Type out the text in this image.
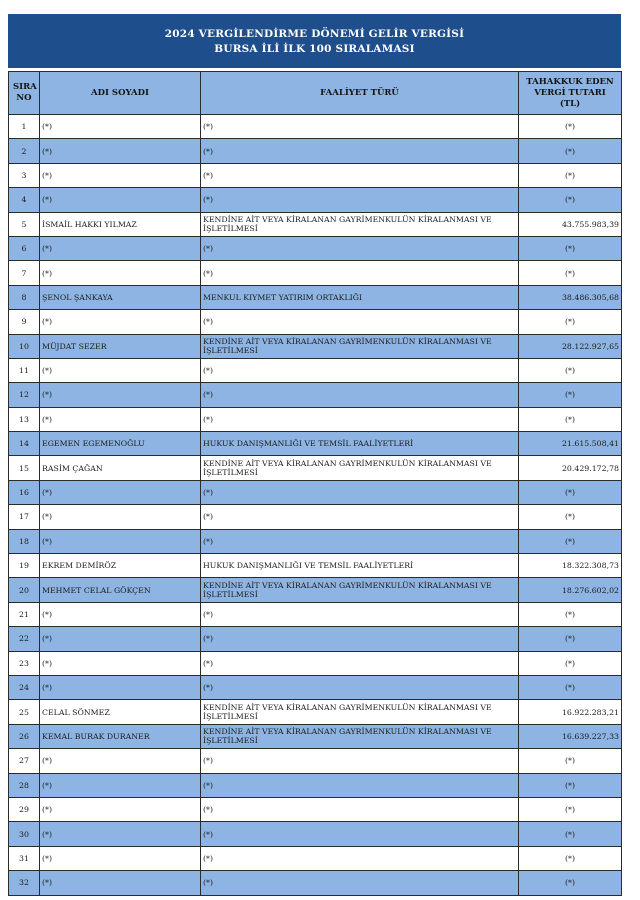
2024 VERGİLENDİRME DÖNEMİ GELİR VERGİSİ
BURSA İLİ İLK 100 SIRALAMASI
SIRA NO	ADI SOYADI	FAALİYET TÜRÜ	TAHAKKUK EDEN VERGİ TUTARI (TL)
1	(*)	(*)	(*)
2	(*)	(*)	(*)
3	(*)	(*)	(*)
4	(*)	(*)	(*)
5	İSMAİL HAKKI YILMAZ	KENDİNE AİT VEYA KİRALANAN GAYRİMENKULÜN KİRALANMASI VE İŞLETİLMESİ	43.755.983,39
6	(*)	(*)	(*)
7	(*)	(*)	(*)
8	ŞENOL ŞANKAYA	MENKUL KIYMET YATIRIM ORTAKLIĞI	38.486.305,68
9	(*)	(*)	(*)
10	MÜJDAT SEZER	KENDİNE AİT VEYA KİRALANAN GAYRİMENKULÜN KİRALANMASI VE İŞLETİLMESİ	28.122.927,65
11	(*)	(*)	(*)
12	(*)	(*)	(*)
13	(*)	(*)	(*)
14	EGEMEN EGEMENOĞLU	HUKUK DANIŞMANLIĞI VE TEMSİL FAALİYETLERİ	21.615.508,41
15	RASİM ÇAĞAN	KENDİNE AİT VEYA KİRALANAN GAYRİMENKULÜN KİRALANMASI VE İŞLETİLMESİ	20.429.172,78
16	(*)	(*)	(*)
17	(*)	(*)	(*)
18	(*)	(*)	(*)
19	EKREM DEMİRÖZ	HUKUK DANIŞMANLIĞI VE TEMSİL FAALİYETLERİ	18.322.308,73
20	MEHMET CELAL GÖKÇEN	KENDİNE AİT VEYA KİRALANAN GAYRİMENKULÜN KİRALANMASI VE İŞLETİLMESİ	18.276.602,02
21	(*)	(*)	(*)
22	(*)	(*)	(*)
23	(*)	(*)	(*)
24	(*)	(*)	(*)
25	CELAL SÖNMEZ	KENDİNE AİT VEYA KİRALANAN GAYRİMENKULÜN KİRALANMASI VE İŞLETİLMESİ	16.922.283,21
26	KEMAL BURAK DURANER	KENDİNE AİT VEYA KİRALANAN GAYRİMENKULÜN KİRALANMASI VE İŞLETİLMESİ	16.639.227,33
27	(*)	(*)	(*)
28	(*)	(*)	(*)
29	(*)	(*)	(*)
30	(*)	(*)	(*)
31	(*)	(*)	(*)
32	(*)	(*)	(*)
